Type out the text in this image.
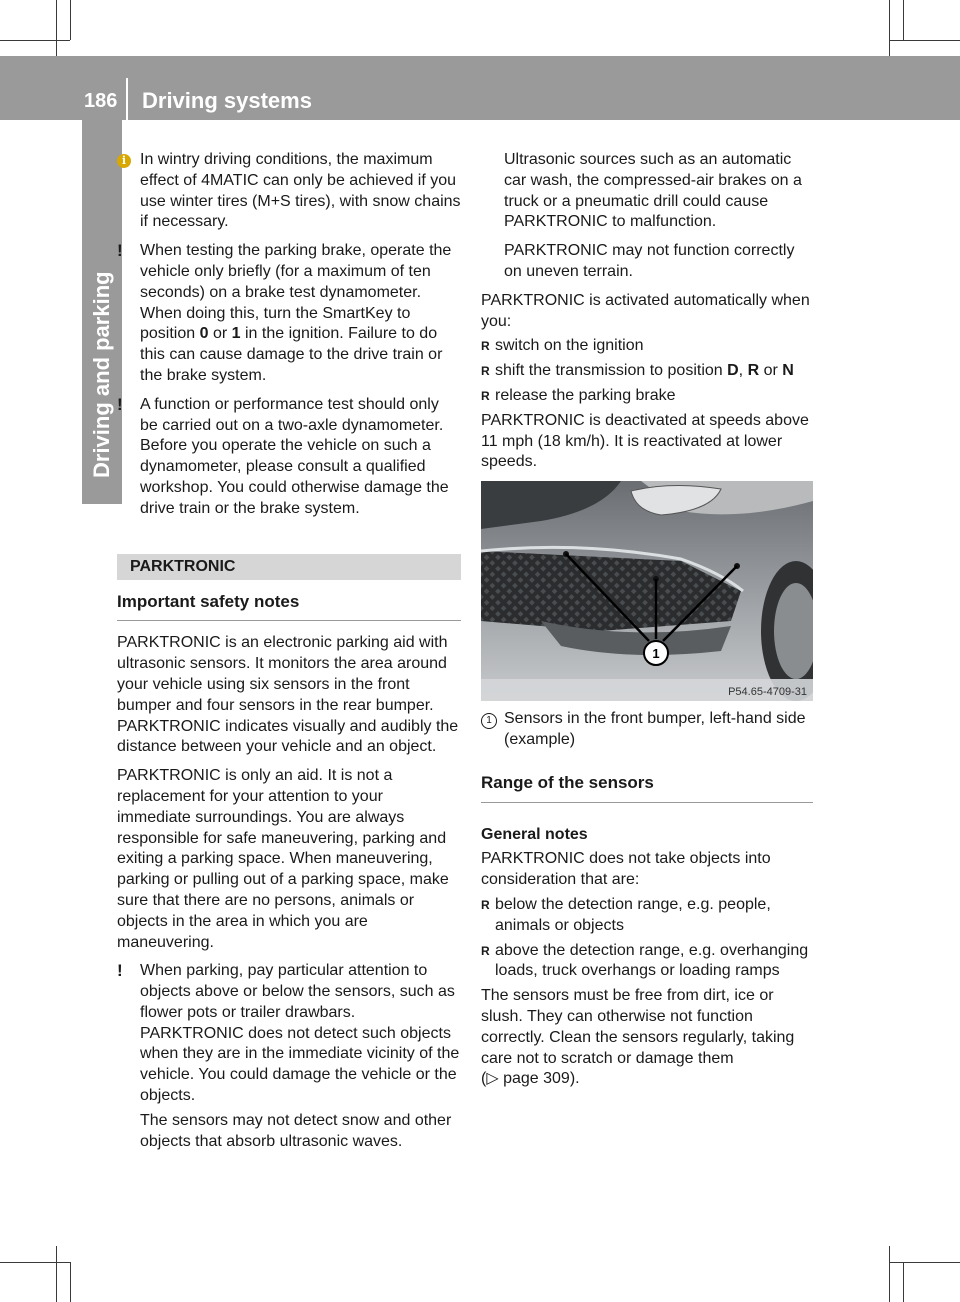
186 Driving systems
Driving and parking
i In wintry driving conditions, the maximum effect of 4MATIC can only be achieved if you use winter tires (M+S tires), with snow chains if necessary.
!	When testing the parking brake, operate the vehicle only briefly (for a maximum of ten seconds) on a brake test dynamometer. When doing this, turn the SmartKey to position 0 or 1 in the ignition. Failure to do this can cause damage to the drive train or the brake system.
!	A function or performance test should only be carried out on a two-axle dynamometer. Before you operate the vehicle on such a dynamometer, please consult a qualified workshop. You could otherwise damage the drive train or the brake system.
PARKTRONIC
Important safety notes

PARKTRONIC is an electronic parking aid with ultrasonic sensors. It monitors the area around your vehicle using six sensors in the front bumper and four sensors in the rear bumper. PARKTRONIC indicates visually and audibly the distance between your vehicle and an object.

PARKTRONIC is only an aid. It is not a replacement for your attention to your immediate surroundings. You are always responsible for safe maneuvering, parking and exiting a parking space. When maneuvering, parking or pulling out of a parking space, make sure that there are no persons, animals or objects in the area in which you are maneuvering.

!	When parking, pay particular attention to objects above or below the sensors, such as flower pots or trailer drawbars. PARKTRONIC does not detect such objects when they are in the immediate vicinity of the vehicle. You could damage the vehicle or the objects.
The sensors may not detect snow and other objects that absorb ultrasonic waves.

Ultrasonic sources such as an automatic car wash, the compressed-air brakes on a truck or a pneumatic drill could cause PARKTRONIC to malfunction.

PARKTRONIC may not function correctly on uneven terrain.

PARKTRONIC is activated automatically when you:

R switch on the ignition
R shift the transmission to position D, R or N
R release the parking brake

PARKTRONIC is deactivated at speeds above 11 mph (18 km/h). It is reactivated at lower speeds.

1
P54.65-4709-31
1 Sensors in the front bumper, left-hand side (example)
Range of the sensors
General notes

PARKTRONIC does not take objects into consideration that are:

R below the detection range, e.g. people, animals or objects
R above the detection range, e.g. overhanging loads, truck overhangs or loading ramps

The sensors must be free from dirt, ice or slush. They can otherwise not function correctly. Clean the sensors regularly, taking care not to scratch or damage them
(▷ page 309).
